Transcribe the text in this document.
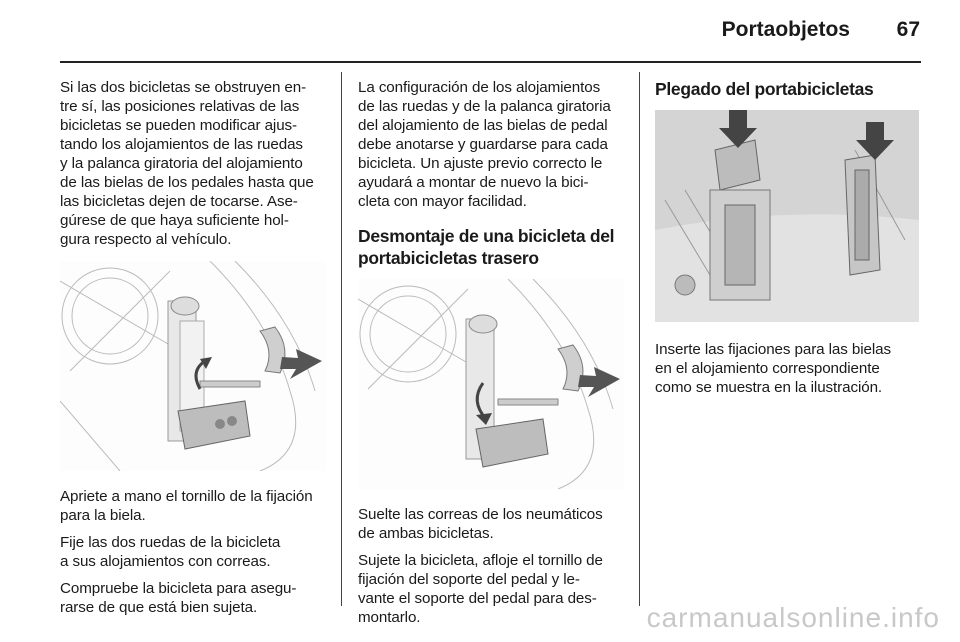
Portaobjetos	67

Si las dos bicicletas se obstruyen en-
tre sí, las posiciones relativas de las
bicicletas se pueden modificar ajus-
tando los alojamientos de las ruedas
y la palanca giratoria del alojamiento
de las bielas de los pedales hasta que
las bicicletas dejen de tocarse. Ase-
gúrese de que haya suficiente hol-
gura respecto al vehículo.

Apriete a mano el tornillo de la fijación
para la biela.

Fije las dos ruedas de la bicicleta
a sus alojamientos con correas.

Compruebe la bicicleta para asegu-
rarse de que está bien sujeta.

La configuración de los alojamientos
de las ruedas y de la palanca giratoria
del alojamiento de las bielas de pedal
debe anotarse y guardarse para cada
bicicleta. Un ajuste previo correcto le
ayudará a montar de nuevo la bici-
cleta con mayor facilidad.

Desmontaje de una bicicleta del
portabicicletas trasero

Suelte las correas de los neumáticos
de ambas bicicletas.

Sujete la bicicleta, afloje el tornillo de
fijación del soporte del pedal y le-
vante el soporte del pedal para des-
montarlo.

Plegado del portabicicletas

Inserte las fijaciones para las bielas
en el alojamiento correspondiente
como se muestra en la ilustración.

carmanualsonline.info
